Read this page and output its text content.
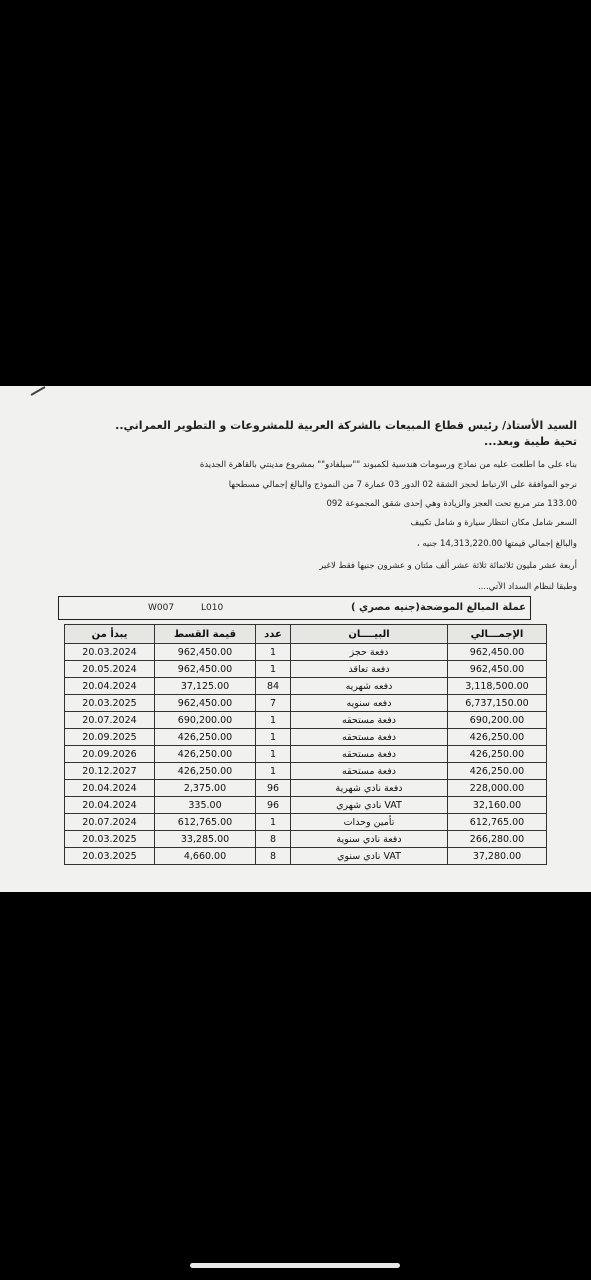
السيد الأستاذ/ رئيس قطاع المبيعات بالشركة العربية للمشروعات و التطوير العمراني..
تحية طيبة وبعد...
بناء على ما اطلعت عليه من نماذج ورسومات هندسية لكمبوند ""سيلفادو"" بمشروع مدينتي بالقاهرة الجديدة
نرجو الموافقة على الارتباط لحجز الشقة 02 الدور 03 عمارة 7 من النموذج والبالغ إجمالي مسطحها
133.00 متر مربع تحت العجز والزيادة وهي إحدى شقق المجموعة 092
السعر شامل مكان انتظار سيارة و شامل تكييف
والبالغ إجمالي قيمتها 14,313,220.00 جنيه ،
أربعة عشر مليون ثلاثمائة ثلاثة عشر ألف مئتان و عشرون جنيها فقط لاغير
وطبقا لنظام السداد الآتي....
عملة المبالغ الموضحة(جنيه مصري )
W007	L010
يبدأ من	قيمة القسط	عدد	البيــــان	الإجمـــالي
20.03.2024	962,450.00	1	دفعة حجز	962,450.00
20.05.2024	962,450.00	1	دفعة تعاقد	962,450.00
20.04.2024	37,125.00	84	دفعه شهريه	3,118,500.00
20.03.2025	962,450.00	7	دفعه سنويه	6,737,150.00
20.07.2024	690,200.00	1	دفعة مستحقه	690,200.00
20.09.2025	426,250.00	1	دفعة مستحقه	426,250.00
20.09.2026	426,250.00	1	دفعة مستحقه	426,250.00
20.12.2027	426,250.00	1	دفعة مستحقه	426,250.00
20.04.2024	2,375.00	96	دفعة نادي شهرية	228,000.00
20.04.2024	335.00	96	VAT نادي شهري	32,160.00
20.07.2024	612,765.00	1	تأمين وحدات	612,765.00
20.03.2025	33,285.00	8	دفعة نادي سنوية	266,280.00
20.03.2025	4,660.00	8	VAT نادي سنوي	37,280.00
